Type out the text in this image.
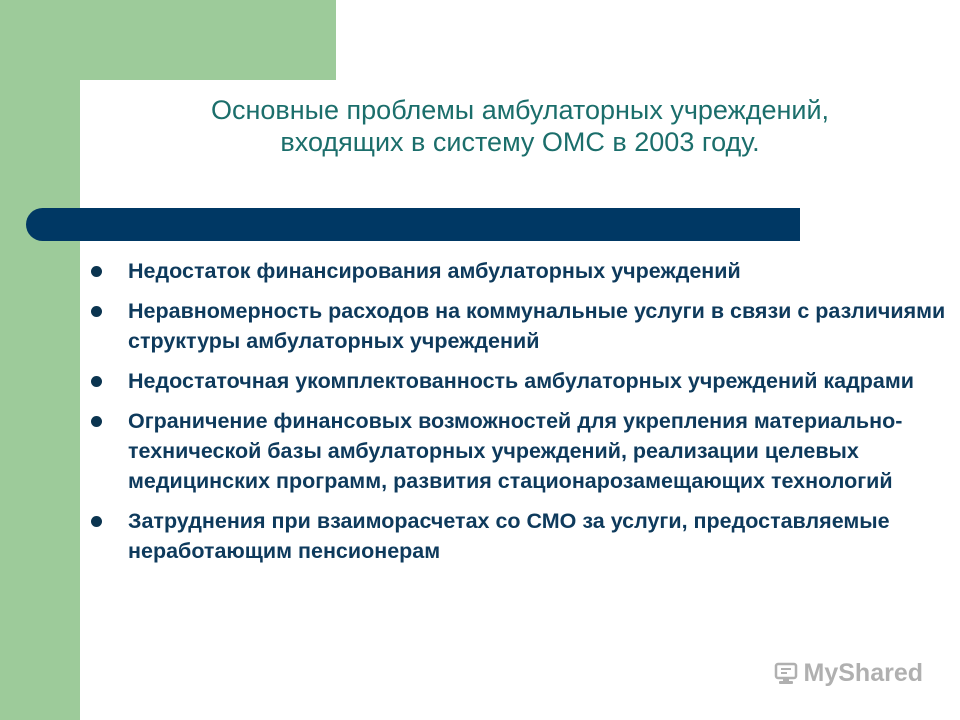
Основные проблемы амбулаторных учреждений,
входящих в систему ОМС в 2003 году.
Недостаток финансирования амбулаторных учреждений
Неравномерность расходов на коммунальные услуги в связи с различиями структуры амбулаторных учреждений
Недостаточная укомплектованность амбулаторных учреждений кадрами
Ограничение финансовых возможностей для укрепления материально-технической базы амбулаторных учреждений, реализации целевых медицинских программ, развития стационарозамещающих технологий
Затруднения при взаиморасчетах со СМО за услуги, предоставляемые неработающим пенсионерам
MyShared
